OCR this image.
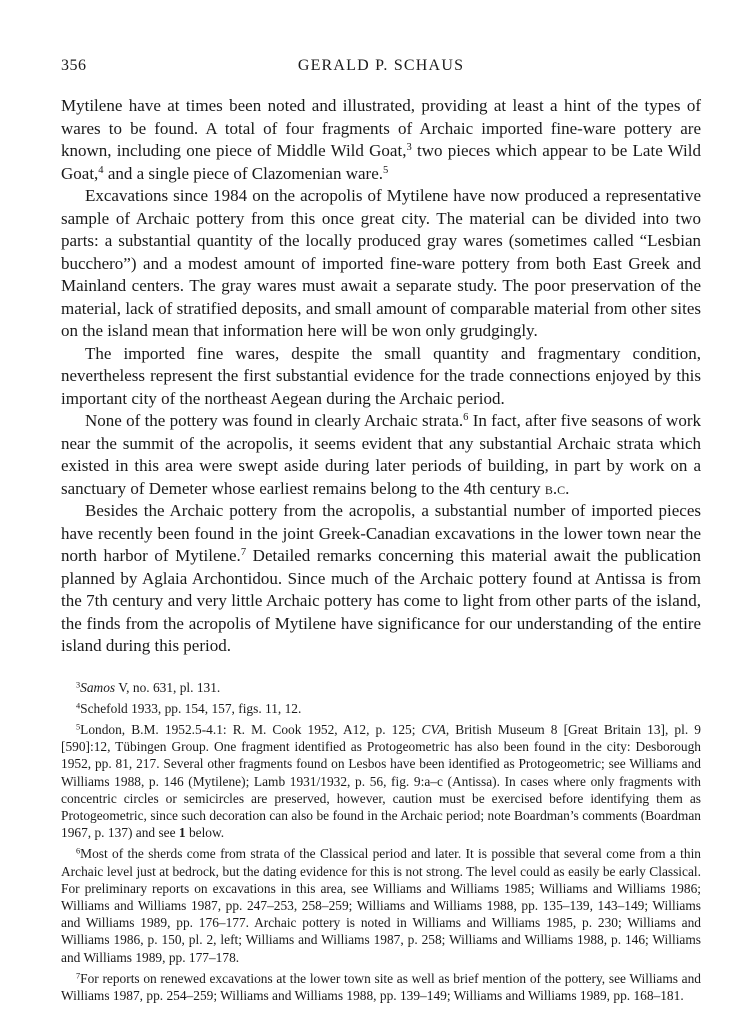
356	GERALD P. SCHAUS

Mytilene have at times been noted and illustrated, providing at least a hint of the types of wares to be found. A total of four fragments of Archaic imported fine-ware pottery are known, including one piece of Middle Wild Goat,$^3$ two pieces which appear to be Late Wild Goat,$^4$ and a single piece of Clazomenian ware.$^5$

Excavations since 1984 on the acropolis of Mytilene have now produced a representative sample of Archaic pottery from this once great city. The material can be divided into two parts: a substantial quantity of the locally produced gray wares (sometimes called “Lesbian bucchero”) and a modest amount of imported fine-ware pottery from both East Greek and Mainland centers. The gray wares must await a separate study. The poor preservation of the material, lack of stratified deposits, and small amount of comparable material from other sites on the island mean that information here will be won only grudgingly.

The imported fine wares, despite the small quantity and fragmentary condition, nevertheless represent the first substantial evidence for the trade connections enjoyed by this important city of the northeast Aegean during the Archaic period.

None of the pottery was found in clearly Archaic strata.$^6$ In fact, after five seasons of work near the summit of the acropolis, it seems evident that any substantial Archaic strata which existed in this area were swept aside during later periods of building, in part by work on a sanctuary of Demeter whose earliest remains belong to the 4th century b.c.

Besides the Archaic pottery from the acropolis, a substantial number of imported pieces have recently been found in the joint Greek-Canadian excavations in the lower town near the north harbor of Mytilene.$^7$ Detailed remarks concerning this material await the publication planned by Aglaia Archontidou. Since much of the Archaic pottery found at Antissa is from the 7th century and very little Archaic pottery has come to light from other parts of the island, the finds from the acropolis of Mytilene have significance for our understanding of the entire island during this period.

$^3$Samos V, no. 631, pl. 131.

$^4$Schefold 1933, pp. 154, 157, figs. 11, 12.

$^5$London, B.M. 1952.5-4.1: R. M. Cook 1952, A12, p. 125; CVA, British Museum 8 [Great Britain 13], pl. 9 [590]:12, Tübingen Group. One fragment identified as Protogeometric has also been found in the city: Desborough 1952, pp. 81, 217. Several other fragments found on Lesbos have been identified as Protogeometric; see Williams and Williams 1988, p. 146 (Mytilene); Lamb 1931/1932, p. 56, fig. 9:a–c (Antissa). In cases where only fragments with concentric circles or semicircles are preserved, however, caution must be exercised before identifying them as Protogeometric, since such decoration can also be found in the Archaic period; note Boardman’s comments (Boardman 1967, p. 137) and see 1 below.

$^6$Most of the sherds come from strata of the Classical period and later. It is possible that several come from a thin Archaic level just at bedrock, but the dating evidence for this is not strong. The level could as easily be early Classical. For preliminary reports on excavations in this area, see Williams and Williams 1985; Williams and Williams 1986; Williams and Williams 1987, pp. 247–253, 258–259; Williams and Williams 1988, pp. 135–139, 143–149; Williams and Williams 1989, pp. 176–177. Archaic pottery is noted in Williams and Williams 1985, p. 230; Williams and Williams 1986, p. 150, pl. 2, left; Williams and Williams 1987, p. 258; Williams and Williams 1988, p. 146; Williams and Williams 1989, pp. 177–178.

$^7$For reports on renewed excavations at the lower town site as well as brief mention of the pottery, see Williams and Williams 1987, pp. 254–259; Williams and Williams 1988, pp. 139–149; Williams and Williams 1989, pp. 168–181.
